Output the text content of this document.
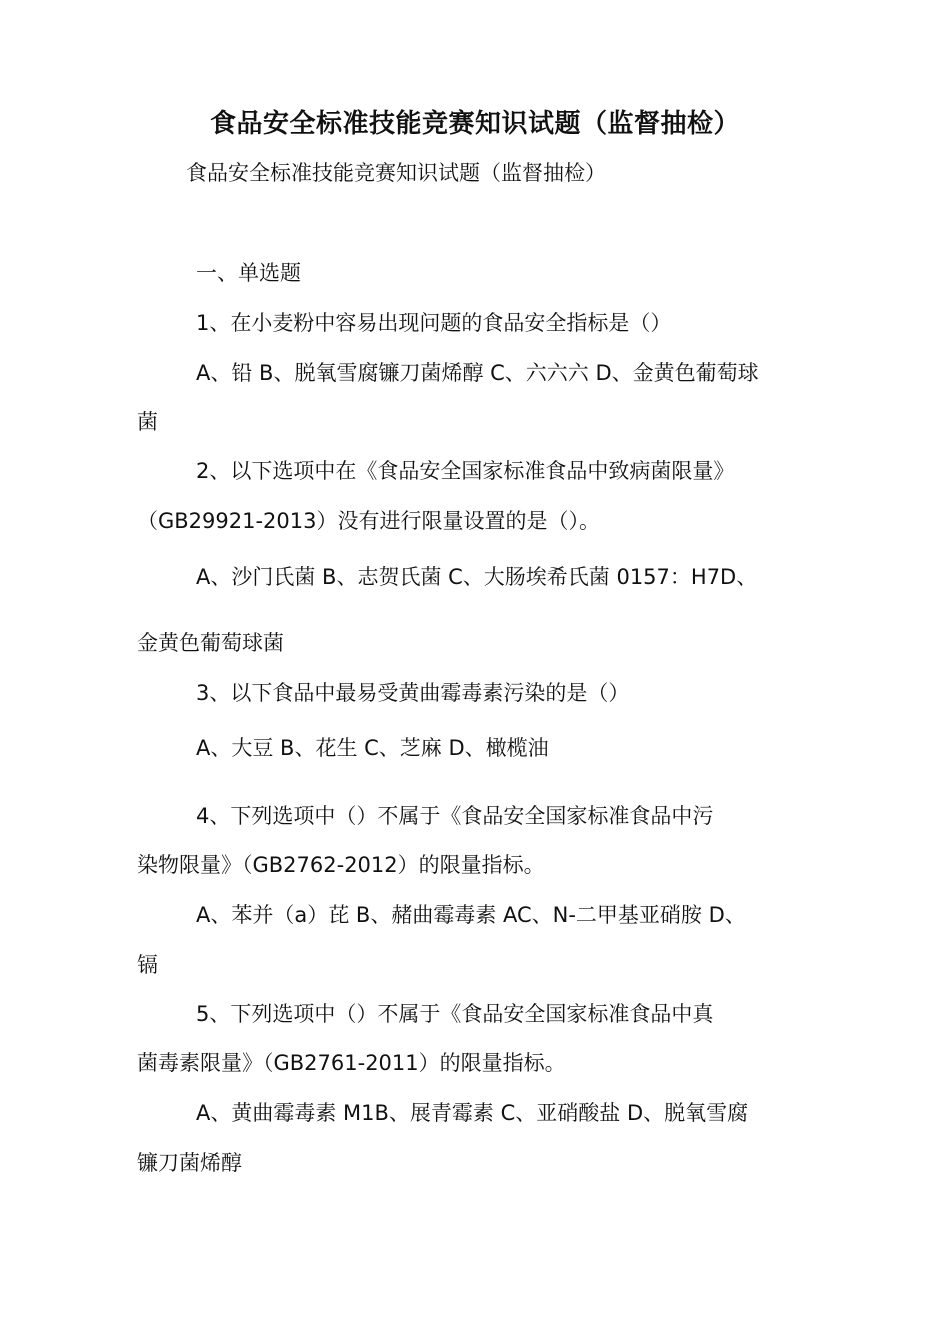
食品安全标准技能竞赛知识试题（监督抽检）
食品安全标准技能竞赛知识试题（监督抽检）
一、单选题
1、在小麦粉中容易出现问题的食品安全指标是（）
A、铅 B、脱氧雪腐镰刀菌烯醇 C、六六六 D、金黄色葡萄球
菌
2、以下选项中在《食品安全国家标准食品中致病菌限量》
（GB29921-2013）没有进行限量设置的是（）。
A、沙门氏菌 B、志贺氏菌 C、大肠埃希氏菌 0157：H7D、
金黄色葡萄球菌
3、以下食品中最易受黄曲霉毒素污染的是（）
A、大豆 B、花生 C、芝麻 D、橄榄油
4、下列选项中（）不属于《食品安全国家标准食品中污
染物限量》（GB2762-2012）的限量指标。
A、苯并（a）芘 B、赭曲霉毒素 AC、N-二甲基亚硝胺 D、
镉
5、下列选项中（）不属于《食品安全国家标准食品中真
菌毒素限量》（GB2761-2011）的限量指标。
A、黄曲霉毒素 M1B、展青霉素 C、亚硝酸盐 D、脱氧雪腐
镰刀菌烯醇
